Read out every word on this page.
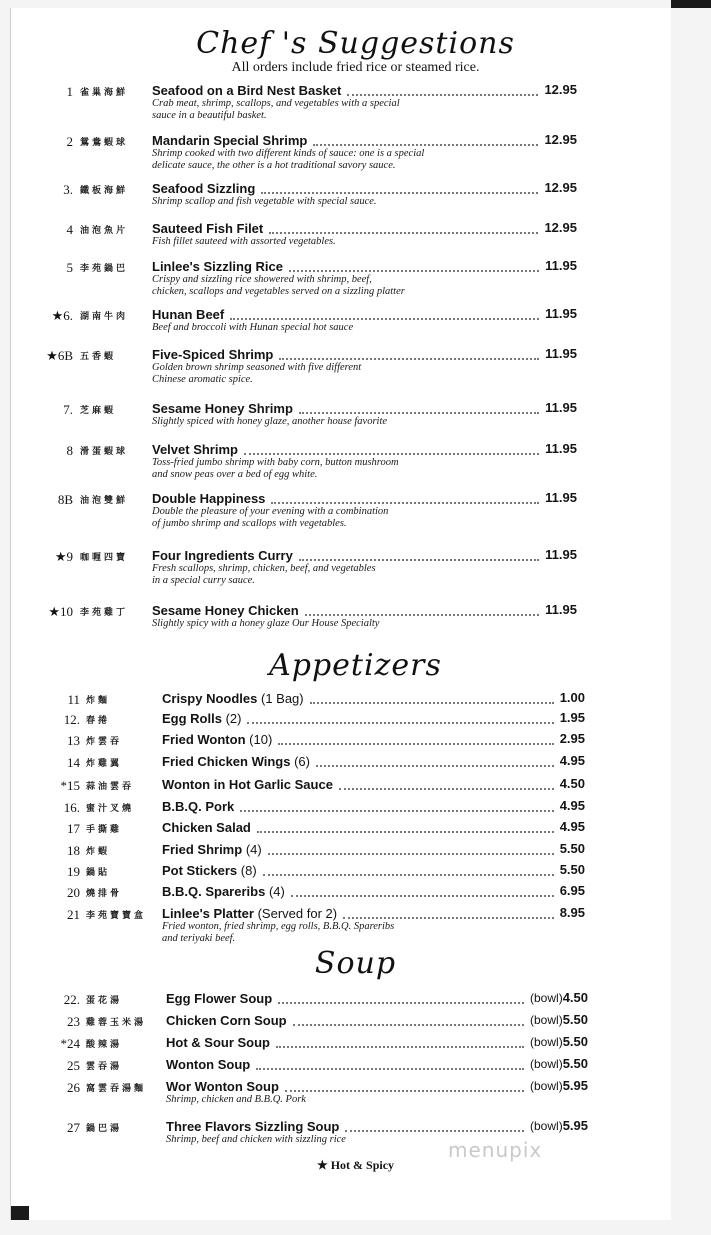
Chef 's Suggestions
All orders include fried rice or steamed rice.
Appetizers
Soup
1 雀巢海鮮 Seafood on a Bird Nest Basket	12.95
Crab meat, shrimp, scallops, and vegetables with a special
sauce in a beautiful basket.
2 鴛鴦蝦球 Mandarin Special Shrimp	12.95
Shrimp cooked with two different kinds of sauce: one is a special
delicate sauce, the other is a hot traditional savory sauce.
3. 鐵板海鮮 Seafood Sizzling	12.95
Shrimp scallop and fish vegetable with special sauce.
4 油泡魚片 Sauteed Fish Filet	12.95
Fish fillet sauteed with assorted vegetables.
5 李苑鍋巴 Linlee's Sizzling Rice	11.95
Crispy and sizzling rice showered with shrimp, beef,
chicken, scallops and vegetables served on a sizzling platter
★6. 湖南牛肉 Hunan Beef	11.95
Beef and broccoli with Hunan special hot sauce
★6B 五香蝦	Five-Spiced Shrimp	11.95
Golden brown shrimp seasoned with five different
Chinese aromatic spice.
7. 芝麻蝦	Sesame Honey Shrimp	11.95
Slightly spiced with honey glaze, another house favorite
8 滑蛋蝦球 Velvet Shrimp	11.95
Toss-fried jumbo shrimp with baby corn, button mushroom
and snow peas over a bed of egg white.
8B 油泡雙鮮 Double Happiness	11.95
Double the pleasure of your evening with a combination
of jumbo shrimp and scallops with vegetables.
★9 咖喱四寶 Four Ingredients Curry	11.95
Fresh scallops, shrimp, chicken, beef, and vegetables
in a special curry sauce.
★10 李苑雞丁 Sesame Honey Chicken	11.95
Slightly spicy with a honey glaze Our House Specialty
11 炸麵	Crispy Noodles (1 Bag)	1.00
12. 春捲	Egg Rolls (2)	1.95
13 炸雲吞	Fried Wonton (10)	2.95
14 炸雞翼	Fried Chicken Wings (6)	4.95
*15 蒜油雲吞 Wonton in Hot Garlic Sauce	4.50
16. 蜜汁叉燒 B.B.Q. Pork	4.95
17 手撕雞	Chicken Salad	4.95
18 炸蝦	Fried Shrimp (4)	5.50
19 鍋貼	Pot Stickers (8)	5.50
20 燒排骨	B.B.Q. Spareribs (4)	6.95
21 李苑寶寶盒 Linlee's Platter (Served for 2)	8.95
Fried wonton, fried shrimp, egg rolls, B.B.Q. Spareribs
and teriyaki beef.
22. 蛋花湯	Egg Flower Soup	(bowl)4.50
23 雞蓉玉米湯 Chicken Corn Soup	(bowl)5.50
*24 酸辣湯	Hot & Sour Soup	(bowl)5.50
25 雲吞湯	Wonton Soup	(bowl)5.50
26 窩雲吞湯麵 Wor Wonton Soup	(bowl)5.95
Shrimp, chicken and B.B.Q. Pork
27 鍋巴湯	Three Flavors Sizzling Soup	(bowl)5.95
Shrimp, beef and chicken with sizzling rice
★ Hot & Spicy
menupix
